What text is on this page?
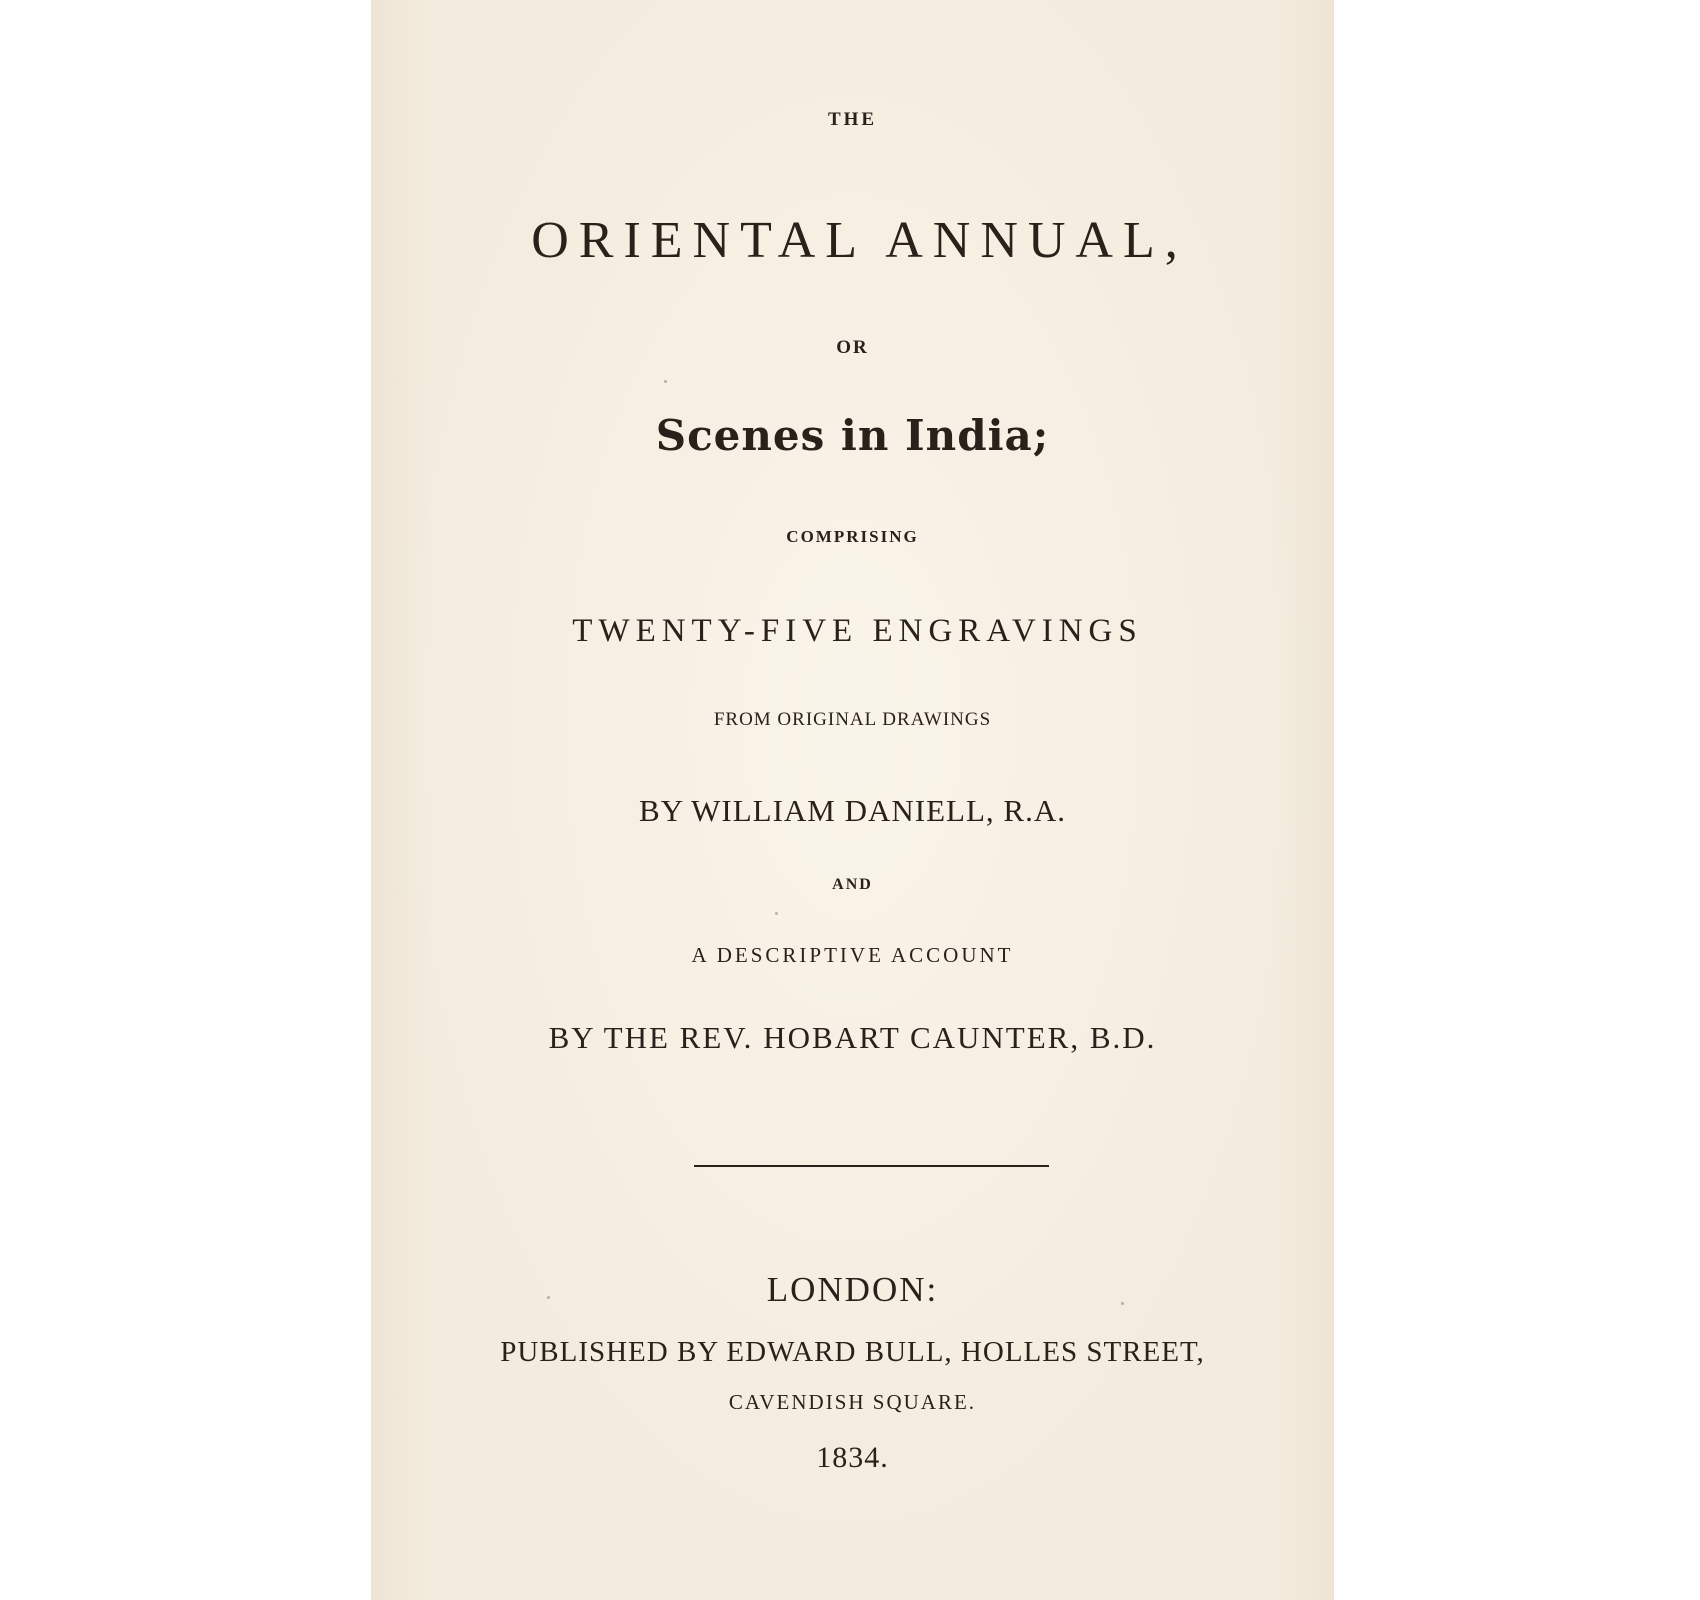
THE
ORIENTAL ANNUAL,
OR
Scenes in India;
COMPRISING
TWENTY-FIVE ENGRAVINGS
FROM ORIGINAL DRAWINGS
BY WILLIAM DANIELL, R.A.
AND
A DESCRIPTIVE ACCOUNT
BY THE REV. HOBART CAUNTER, B.D.
LONDON:
PUBLISHED BY EDWARD BULL, HOLLES STREET,
CAVENDISH SQUARE.
1834.
